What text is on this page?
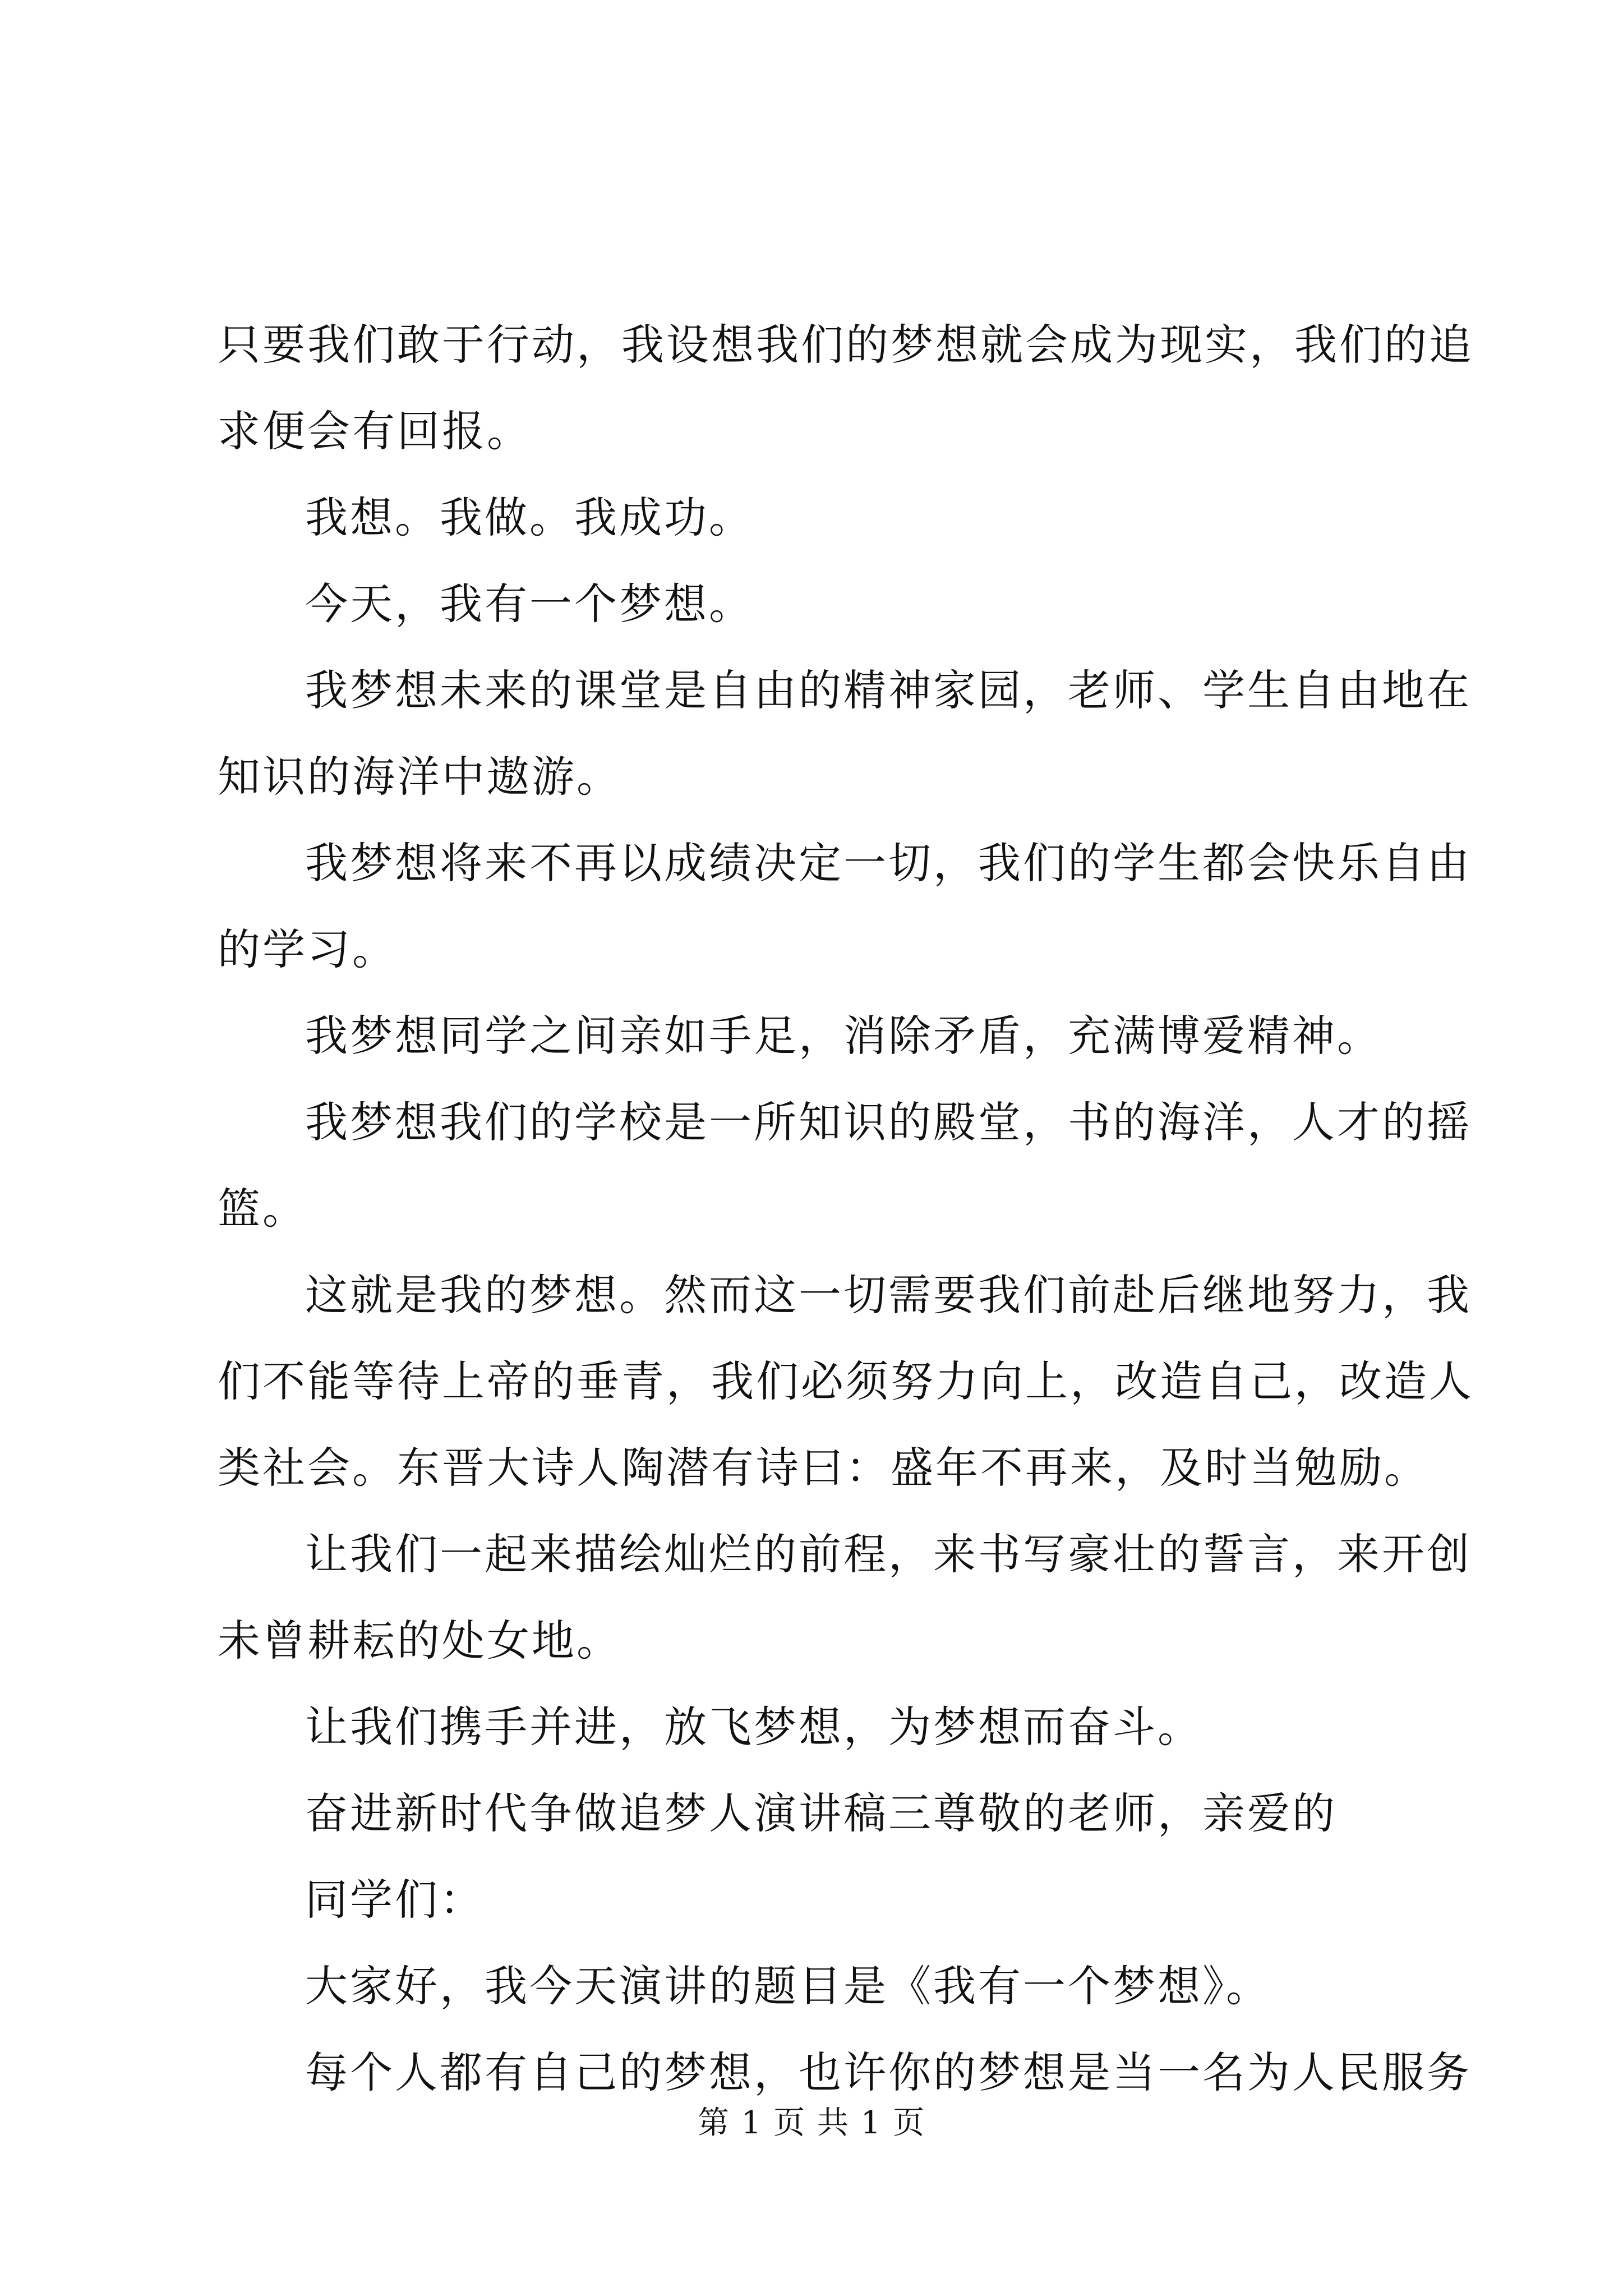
只要我们敢于行动，我设想我们的梦想就会成为现实，我们的追
求便会有回报。
我想。我做。我成功。
今天，我有一个梦想。
我梦想未来的课堂是自由的精神家园，老师、学生自由地在
知识的海洋中遨游。
我梦想将来不再以成绩决定一切，我们的学生都会快乐自由
的学习。
我梦想同学之间亲如手足，消除矛盾，充满博爱精神。
我梦想我们的学校是一所知识的殿堂，书的海洋，人才的摇
篮。
这就是我的梦想。然而这一切需要我们前赴后继地努力，我
们不能等待上帝的垂青，我们必须努力向上，改造自己，改造人
类社会。东晋大诗人陶潜有诗曰：盛年不再来，及时当勉励。
让我们一起来描绘灿烂的前程，来书写豪壮的誓言，来开创
未曾耕耘的处女地。
让我们携手并进，放飞梦想，为梦想而奋斗。
奋进新时代争做追梦人演讲稿三尊敬的老师，亲爱的
同学们：
大家好，我今天演讲的题目是《我有一个梦想》。
每个人都有自己的梦想，也许你的梦想是当一名为人民服务
第 1 页 共 1 页
